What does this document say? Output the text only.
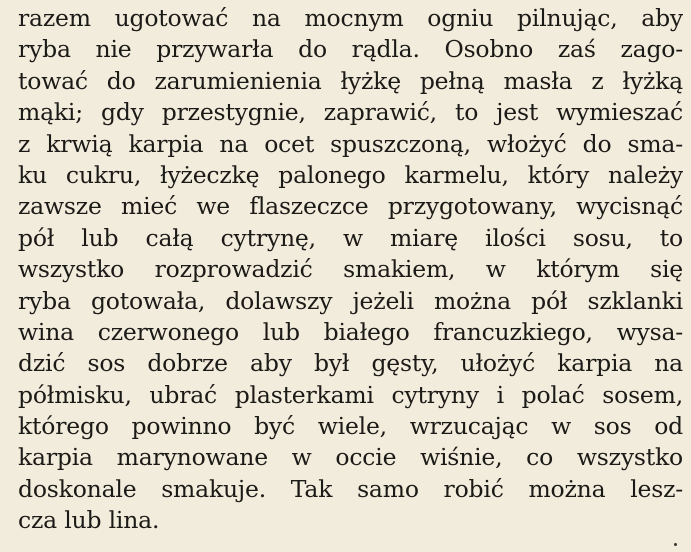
razem ugotować na mocnym ogniu pilnując, aby
ryba nie przywarła do rądla. Osobno zaś zago-
tować do zarumienienia łyżkę pełną masła z łyżką
mąki; gdy przestygnie, zaprawić, to jest wymieszać
z krwią karpia na ocet spuszczoną, włożyć do sma-
ku cukru, łyżeczkę palonego karmelu, który należy
zawsze mieć we flaszeczce przygotowany, wycisnąć
pół lub całą cytrynę, w miarę ilości sosu, to
wszystko rozprowadzić smakiem, w którym się
ryba gotowała, dolawszy jeżeli można pół szklanki
wina czerwonego lub białego francuzkiego, wysa-
dzić sos dobrze aby był gęsty, ułożyć karpia na
półmisku, ubrać plasterkami cytryny i polać sosem,
którego powinno być wiele, wrzucając w sos od
karpia marynowane w occie wiśnie, co wszystko
doskonale smakuje. Tak samo robić można lesz-
cza lub lina.
